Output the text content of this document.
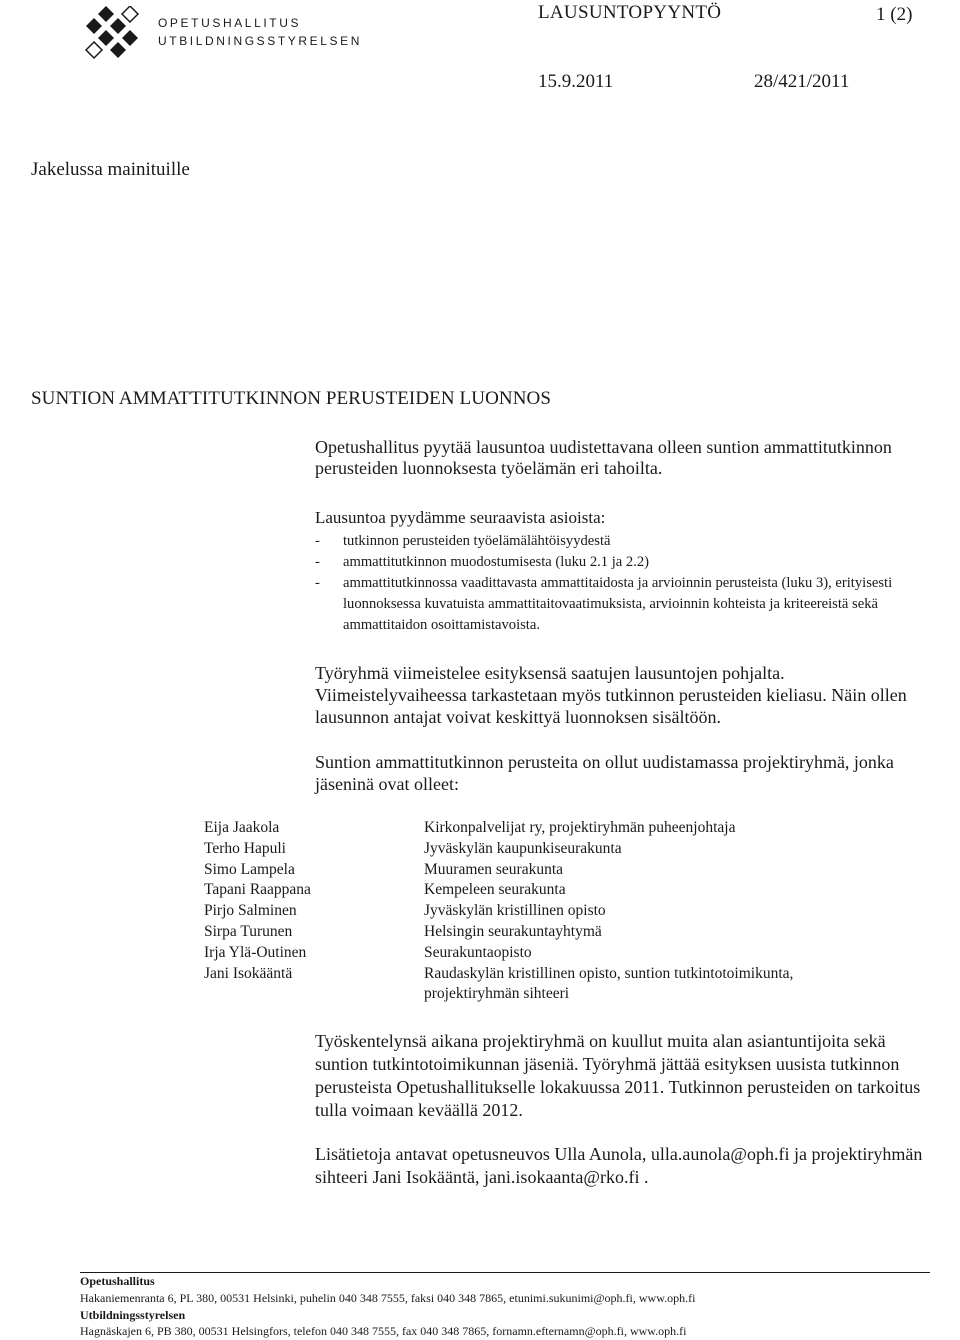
OPETUSHALLITUS
UTBILDNINGSSTYRELSEN
LAUSUNTOPYYNTÖ	1 (2)
15.9.2011	28/421/2011
Jakelussa mainituille
SUNTION AMMATTITUTKINNON PERUSTEIDEN LUONNOS
Opetushallitus pyytää lausuntoa uudistettavana olleen suntion ammattitutkinnon perusteiden luonnoksesta työelämän eri tahoilta.
Lausuntoa pyydämme seuraavista asioista:
- tutkinnon perusteiden työelämälähtöisyydestä
- ammattitutkinnon muodostumisesta (luku 2.1 ja 2.2)
- ammattitutkinnossa vaadittavasta ammattitaidosta ja arvioinnin perusteista (luku 3), erityisesti luonnoksessa kuvatuista ammattitaitovaatimuksista, arvioinnin kohteista ja kriteereistä sekä ammattitaidon osoittamistavoista.
Työryhmä viimeistelee esityksensä saatujen lausuntojen pohjalta. Viimeistelyvaiheessa tarkastetaan myös tutkinnon perusteiden kieliasu. Näin ollen lausunnon antajat voivat keskittyä luonnoksen sisältöön.
Suntion ammattitutkinnon perusteita on ollut uudistamassa projektiryhmä, jonka jäseninä ovat olleet:
Eija Jaakola	Kirkonpalvelijat ry, projektiryhmän puheenjohtaja
Terho Hapuli	Jyväskylän kaupunkiseurakunta
Simo Lampela	Muuramen seurakunta
Tapani Raappana	Kempeleen seurakunta
Pirjo Salminen	Jyväskylän kristillinen opisto
Sirpa Turunen	Helsingin seurakuntayhtymä
Irja Ylä-Outinen	Seurakuntaopisto
Jani Isokääntä	Raudaskylän kristillinen opisto, suntion tutkintotoimikunta, projektiryhmän sihteeri
Työskentelynsä aikana projektiryhmä on kuullut muita alan asiantuntijoita sekä suntion tutkintotoimikunnan jäseniä. Työryhmä jättää esityksen uusista tutkinnon perusteista Opetushallitukselle lokakuussa 2011. Tutkinnon perusteiden on tarkoitus tulla voimaan keväällä 2012.
Lisätietoja antavat opetusneuvos Ulla Aunola, ulla.aunola@oph.fi ja projektiryhmän sihteeri Jani Isokääntä, jani.isokaanta@rko.fi .
Opetushallitus
Hakaniemenranta 6, PL 380, 00531 Helsinki, puhelin 040 348 7555, faksi 040 348 7865, etunimi.sukunimi@oph.fi, www.oph.fi
Utbildningsstyrelsen
Hagnäskajen 6, PB 380, 00531 Helsingfors, telefon 040 348 7555, fax 040 348 7865, fornamn.efternamn@oph.fi, www.oph.fi
